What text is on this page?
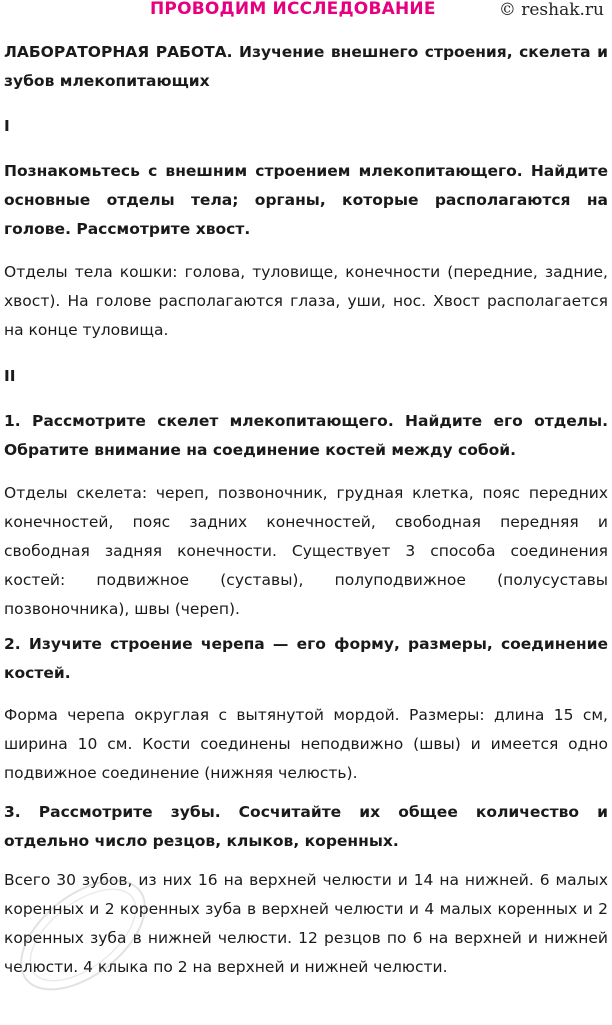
ПРОВОДИМ ИССЛЕДОВАНИЕ	© reshak.ru

ЛАБОРАТОРНАЯ РАБОТА. Изучение внешнего строения, скелета и зубов млекопитающих

I

Познакомьтесь с внешним строением млекопитающего. Найдите основные отделы тела; органы, которые располагаются на голове. Рассмотрите хвост.

Отделы тела кошки: голова, туловище, конечности (передние, задние, хвост). На голове располагаются глаза, уши, нос. Хвост располагается на конце туловища.

II

1. Рассмотрите скелет млекопитающего. Найдите его отделы. Обратите внимание на соединение костей между собой.

Отделы скелета: череп, позвоночник, грудная клетка, пояс передних конечностей, пояс задних конечностей, свободная передняя и свободная задняя конечности. Существует 3 способа соединения костей: подвижное (суставы), полуподвижное (полусуставы позвоночника), швы (череп).

2. Изучите строение черепа — его форму, размеры, соединение костей.

Форма черепа округлая с вытянутой мордой. Размеры: длина 15 см, ширина 10 см. Кости соединены неподвижно (швы) и имеется одно подвижное соединение (нижняя челюсть).

3. Рассмотрите зубы. Сосчитайте их общее количество и отдельно число резцов, клыков, коренных.

Всего 30 зубов, из них 16 на верхней челюсти и 14 на нижней. 6 малых коренных и 2 коренных зуба в верхней челюсти и 4 малых коренных и 2 коренных зуба в нижней челюсти. 12 резцов по 6 на верхней и нижней челюсти. 4 клыка по 2 на верхней и нижней челюсти.
